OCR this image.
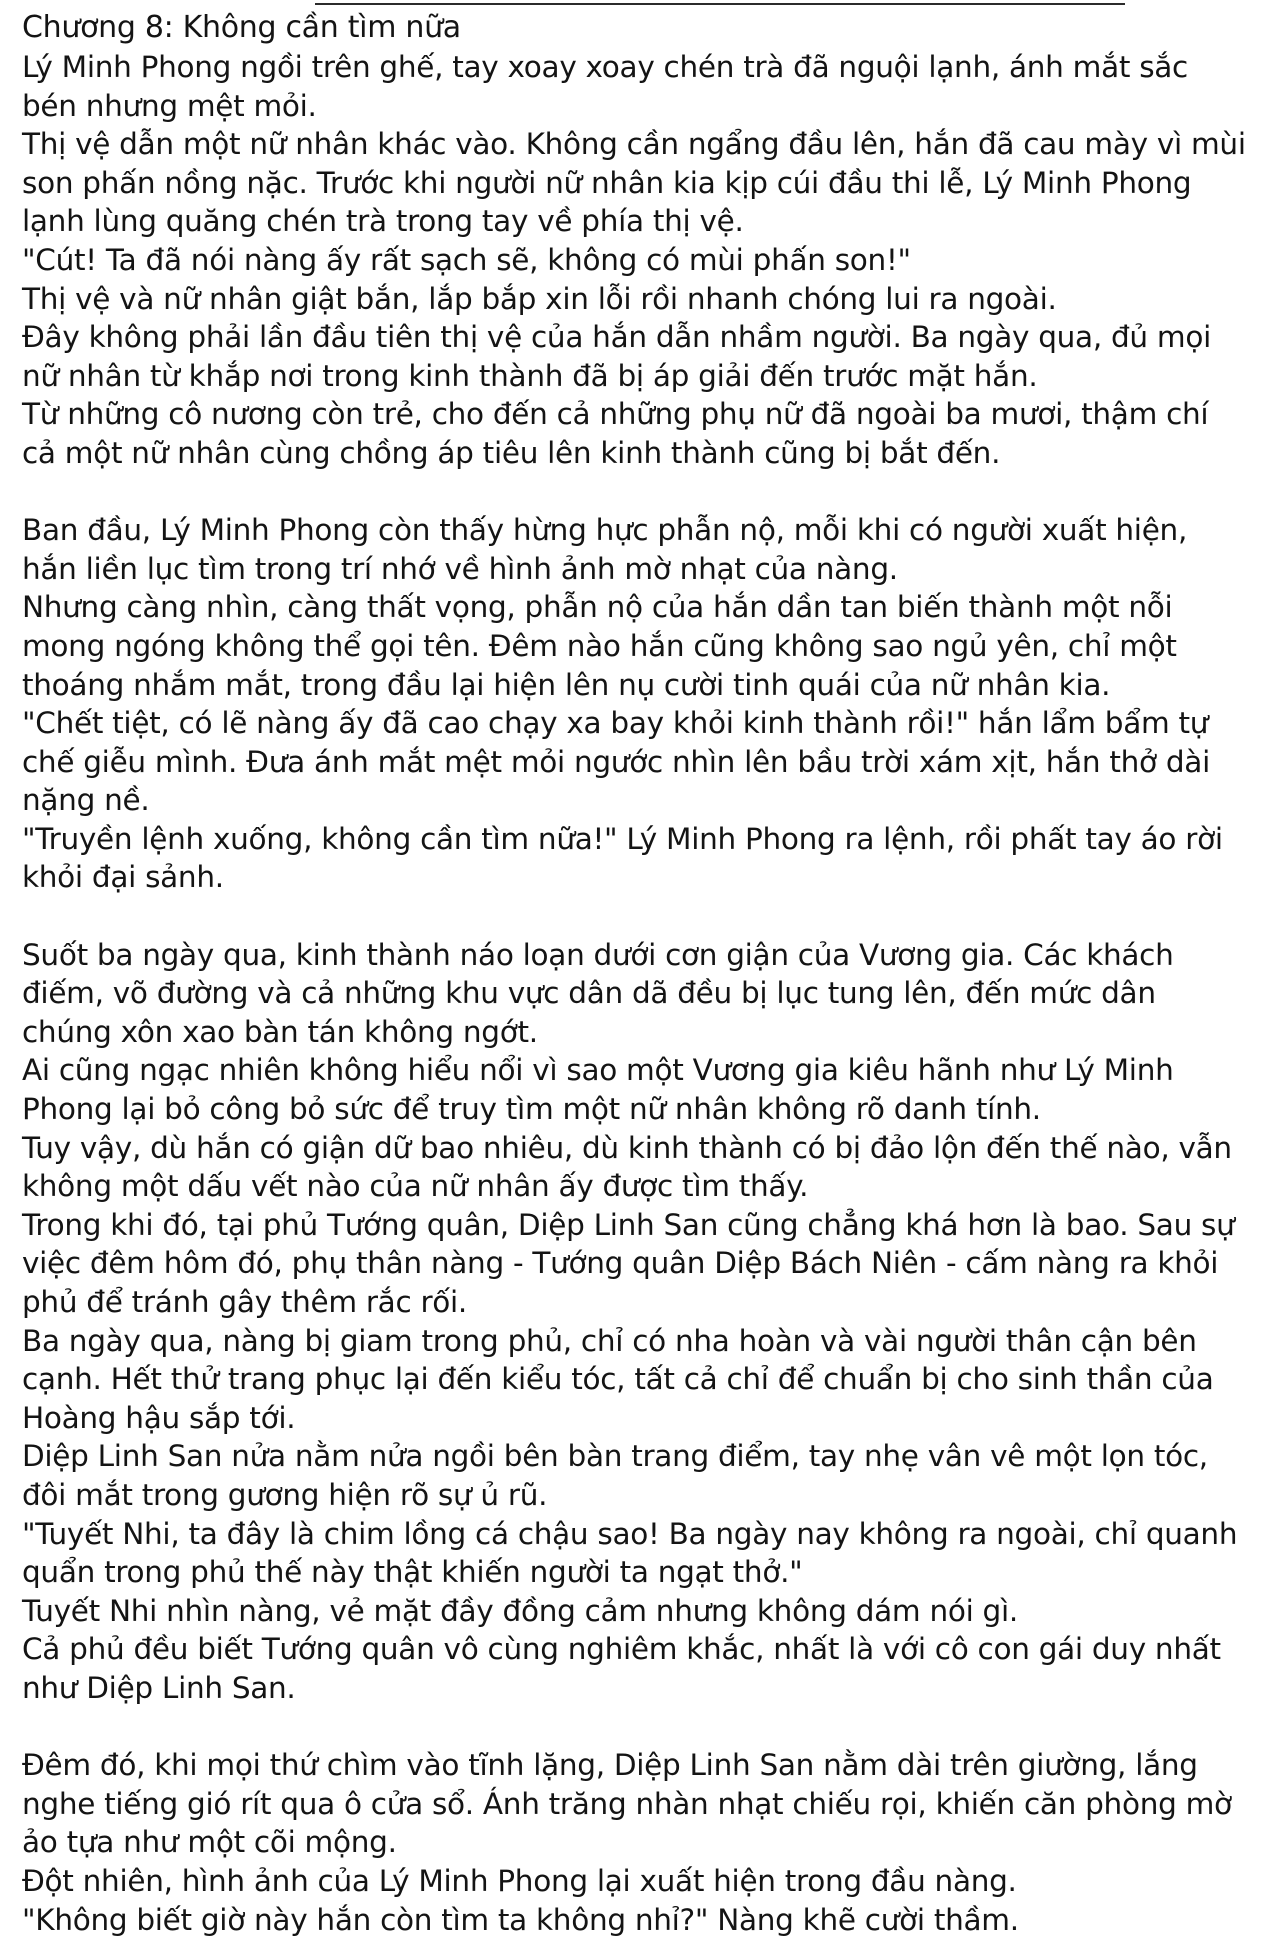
Chương 8: Không cần tìm nữa

Lý Minh Phong ngồi trên ghế, tay xoay xoay chén trà đã nguội lạnh, ánh mắt sắc bén nhưng mệt mỏi.

Thị vệ dẫn một nữ nhân khác vào. Không cần ngẩng đầu lên, hắn đã cau mày vì mùi son phấn nồng nặc. Trước khi người nữ nhân kia kịp cúi đầu thi lễ, Lý Minh Phong lạnh lùng quăng chén trà trong tay về phía thị vệ.

"Cút! Ta đã nói nàng ấy rất sạch sẽ, không có mùi phấn son!"

Thị vệ và nữ nhân giật bắn, lắp bắp xin lỗi rồi nhanh chóng lui ra ngoài.

Đây không phải lần đầu tiên thị vệ của hắn dẫn nhầm người. Ba ngày qua, đủ mọi nữ nhân từ khắp nơi trong kinh thành đã bị áp giải đến trước mặt hắn.

Từ những cô nương còn trẻ, cho đến cả những phụ nữ đã ngoài ba mươi, thậm chí cả một nữ nhân cùng chồng áp tiêu lên kinh thành cũng bị bắt đến.

Ban đầu, Lý Minh Phong còn thấy hừng hực phẫn nộ, mỗi khi có người xuất hiện, hắn liền lục tìm trong trí nhớ về hình ảnh mờ nhạt của nàng.

Nhưng càng nhìn, càng thất vọng, phẫn nộ của hắn dần tan biến thành một nỗi mong ngóng không thể gọi tên. Đêm nào hắn cũng không sao ngủ yên, chỉ một thoáng nhắm mắt, trong đầu lại hiện lên nụ cười tinh quái của nữ nhân kia.

"Chết tiệt, có lẽ nàng ấy đã cao chạy xa bay khỏi kinh thành rồi!" hắn lẩm bẩm tự chế giễu mình. Đưa ánh mắt mệt mỏi ngước nhìn lên bầu trời xám xịt, hắn thở dài nặng nề.

"Truyền lệnh xuống, không cần tìm nữa!" Lý Minh Phong ra lệnh, rồi phất tay áo rời khỏi đại sảnh.

Suốt ba ngày qua, kinh thành náo loạn dưới cơn giận của Vương gia. Các khách điếm, võ đường và cả những khu vực dân dã đều bị lục tung lên, đến mức dân chúng xôn xao bàn tán không ngớt.

Ai cũng ngạc nhiên không hiểu nổi vì sao một Vương gia kiêu hãnh như Lý Minh Phong lại bỏ công bỏ sức để truy tìm một nữ nhân không rõ danh tính.

Tuy vậy, dù hắn có giận dữ bao nhiêu, dù kinh thành có bị đảo lộn đến thế nào, vẫn không một dấu vết nào của nữ nhân ấy được tìm thấy.

Trong khi đó, tại phủ Tướng quân, Diệp Linh San cũng chẳng khá hơn là bao. Sau sự việc đêm hôm đó, phụ thân nàng - Tướng quân Diệp Bách Niên - cấm nàng ra khỏi phủ để tránh gây thêm rắc rối.

Ba ngày qua, nàng bị giam trong phủ, chỉ có nha hoàn và vài người thân cận bên cạnh. Hết thử trang phục lại đến kiểu tóc, tất cả chỉ để chuẩn bị cho sinh thần của Hoàng hậu sắp tới.

Diệp Linh San nửa nằm nửa ngồi bên bàn trang điểm, tay nhẹ vân vê một lọn tóc, đôi mắt trong gương hiện rõ sự ủ rũ.

"Tuyết Nhi, ta đây là chim lồng cá chậu sao! Ba ngày nay không ra ngoài, chỉ quanh quẩn trong phủ thế này thật khiến người ta ngạt thở."

Tuyết Nhi nhìn nàng, vẻ mặt đầy đồng cảm nhưng không dám nói gì.

Cả phủ đều biết Tướng quân vô cùng nghiêm khắc, nhất là với cô con gái duy nhất như Diệp Linh San.

Đêm đó, khi mọi thứ chìm vào tĩnh lặng, Diệp Linh San nằm dài trên giường, lắng nghe tiếng gió rít qua ô cửa sổ. Ánh trăng nhàn nhạt chiếu rọi, khiến căn phòng mờ ảo tựa như một cõi mộng.

Đột nhiên, hình ảnh của Lý Minh Phong lại xuất hiện trong đầu nàng.

"Không biết giờ này hắn còn tìm ta không nhỉ?" Nàng khẽ cười thầm.
